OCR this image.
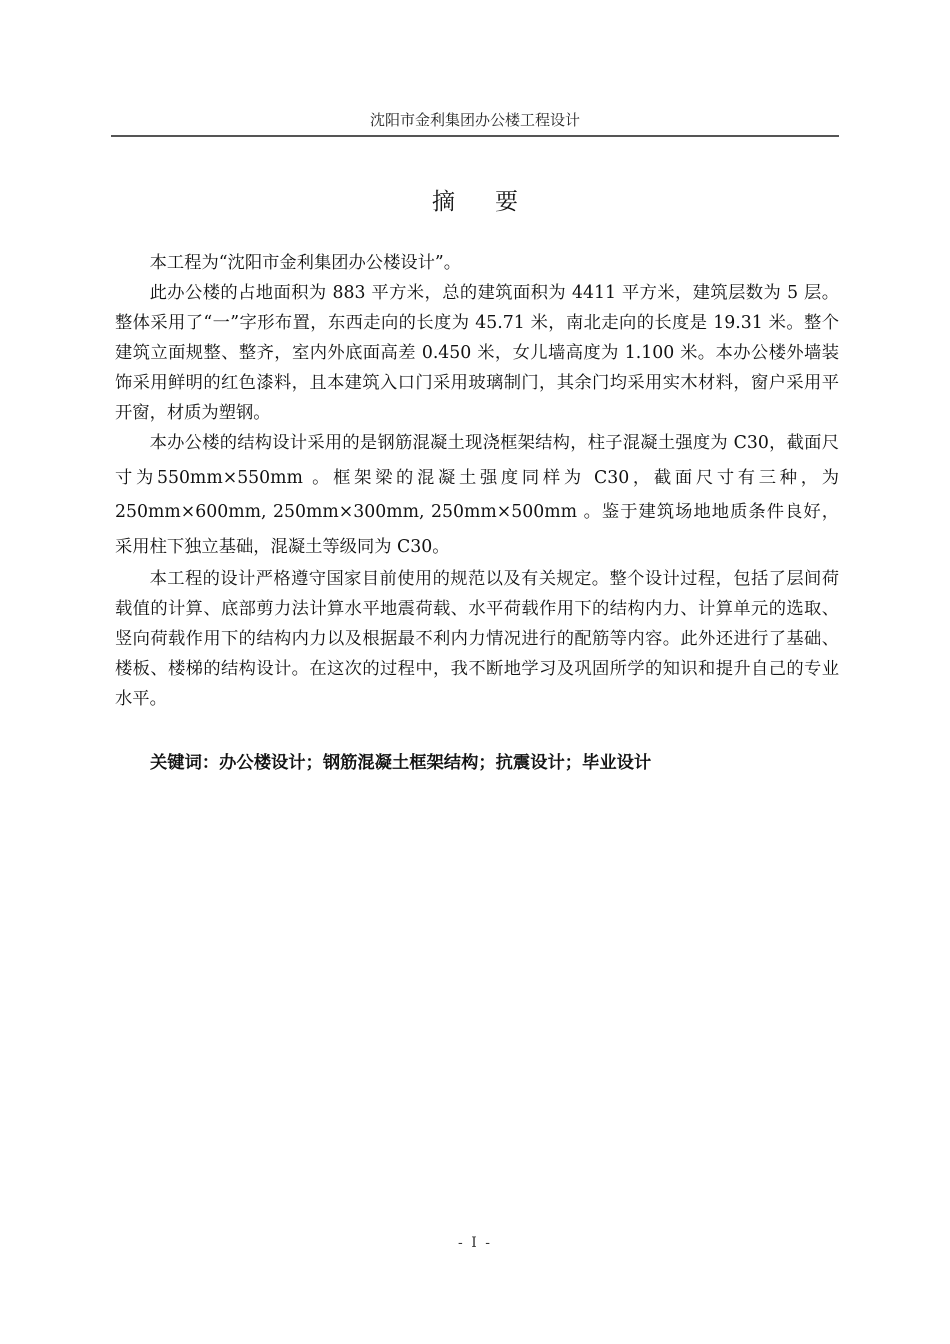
沈阳市金利集团办公楼工程设计
摘 要

本工程为“沈阳市金利集团办公楼设计”。

此办公楼的占地面积为 883 平方米，总的建筑面积为 4411 平方米，建筑层数为 5 层。整体采用了“一”字形布置，东西走向的长度为 45.71 米，南北走向的长度是 19.31 米。整个建筑立面规整、整齐，室内外底面高差 0.450 米，女儿墙高度为 1.100 米。本办公楼外墙装饰采用鲜明的红色漆料，且本建筑入口门采用玻璃制门，其余门均采用实木材料，窗户采用平开窗，材质为塑钢。

本办公楼的结构设计采用的是钢筋混凝土现浇框架结构，柱子混凝土强度为 C30，截面尺寸为550mm×550mm 。框架梁的混凝土强度同样为 C30，截面尺寸有三种，为 250mm×600mm, 250mm×300mm, 250mm×500mm 。鉴于建筑场地地质条件良好，采用柱下独立基础，混凝土等级同为 C30。

本工程的设计严格遵守国家目前使用的规范以及有关规定。整个设计过程，包括了层间荷载值的计算、底部剪力法计算水平地震荷载、水平荷载作用下的结构内力、计算单元的选取、竖向荷载作用下的结构内力以及根据最不利内力情况进行的配筋等内容。此外还进行了基础、楼板、楼梯的结构设计。在这次的过程中，我不断地学习及巩固所学的知识和提升自己的专业水平。

关键词：办公楼设计；钢筋混凝土框架结构；抗震设计；毕业设计
- I -
